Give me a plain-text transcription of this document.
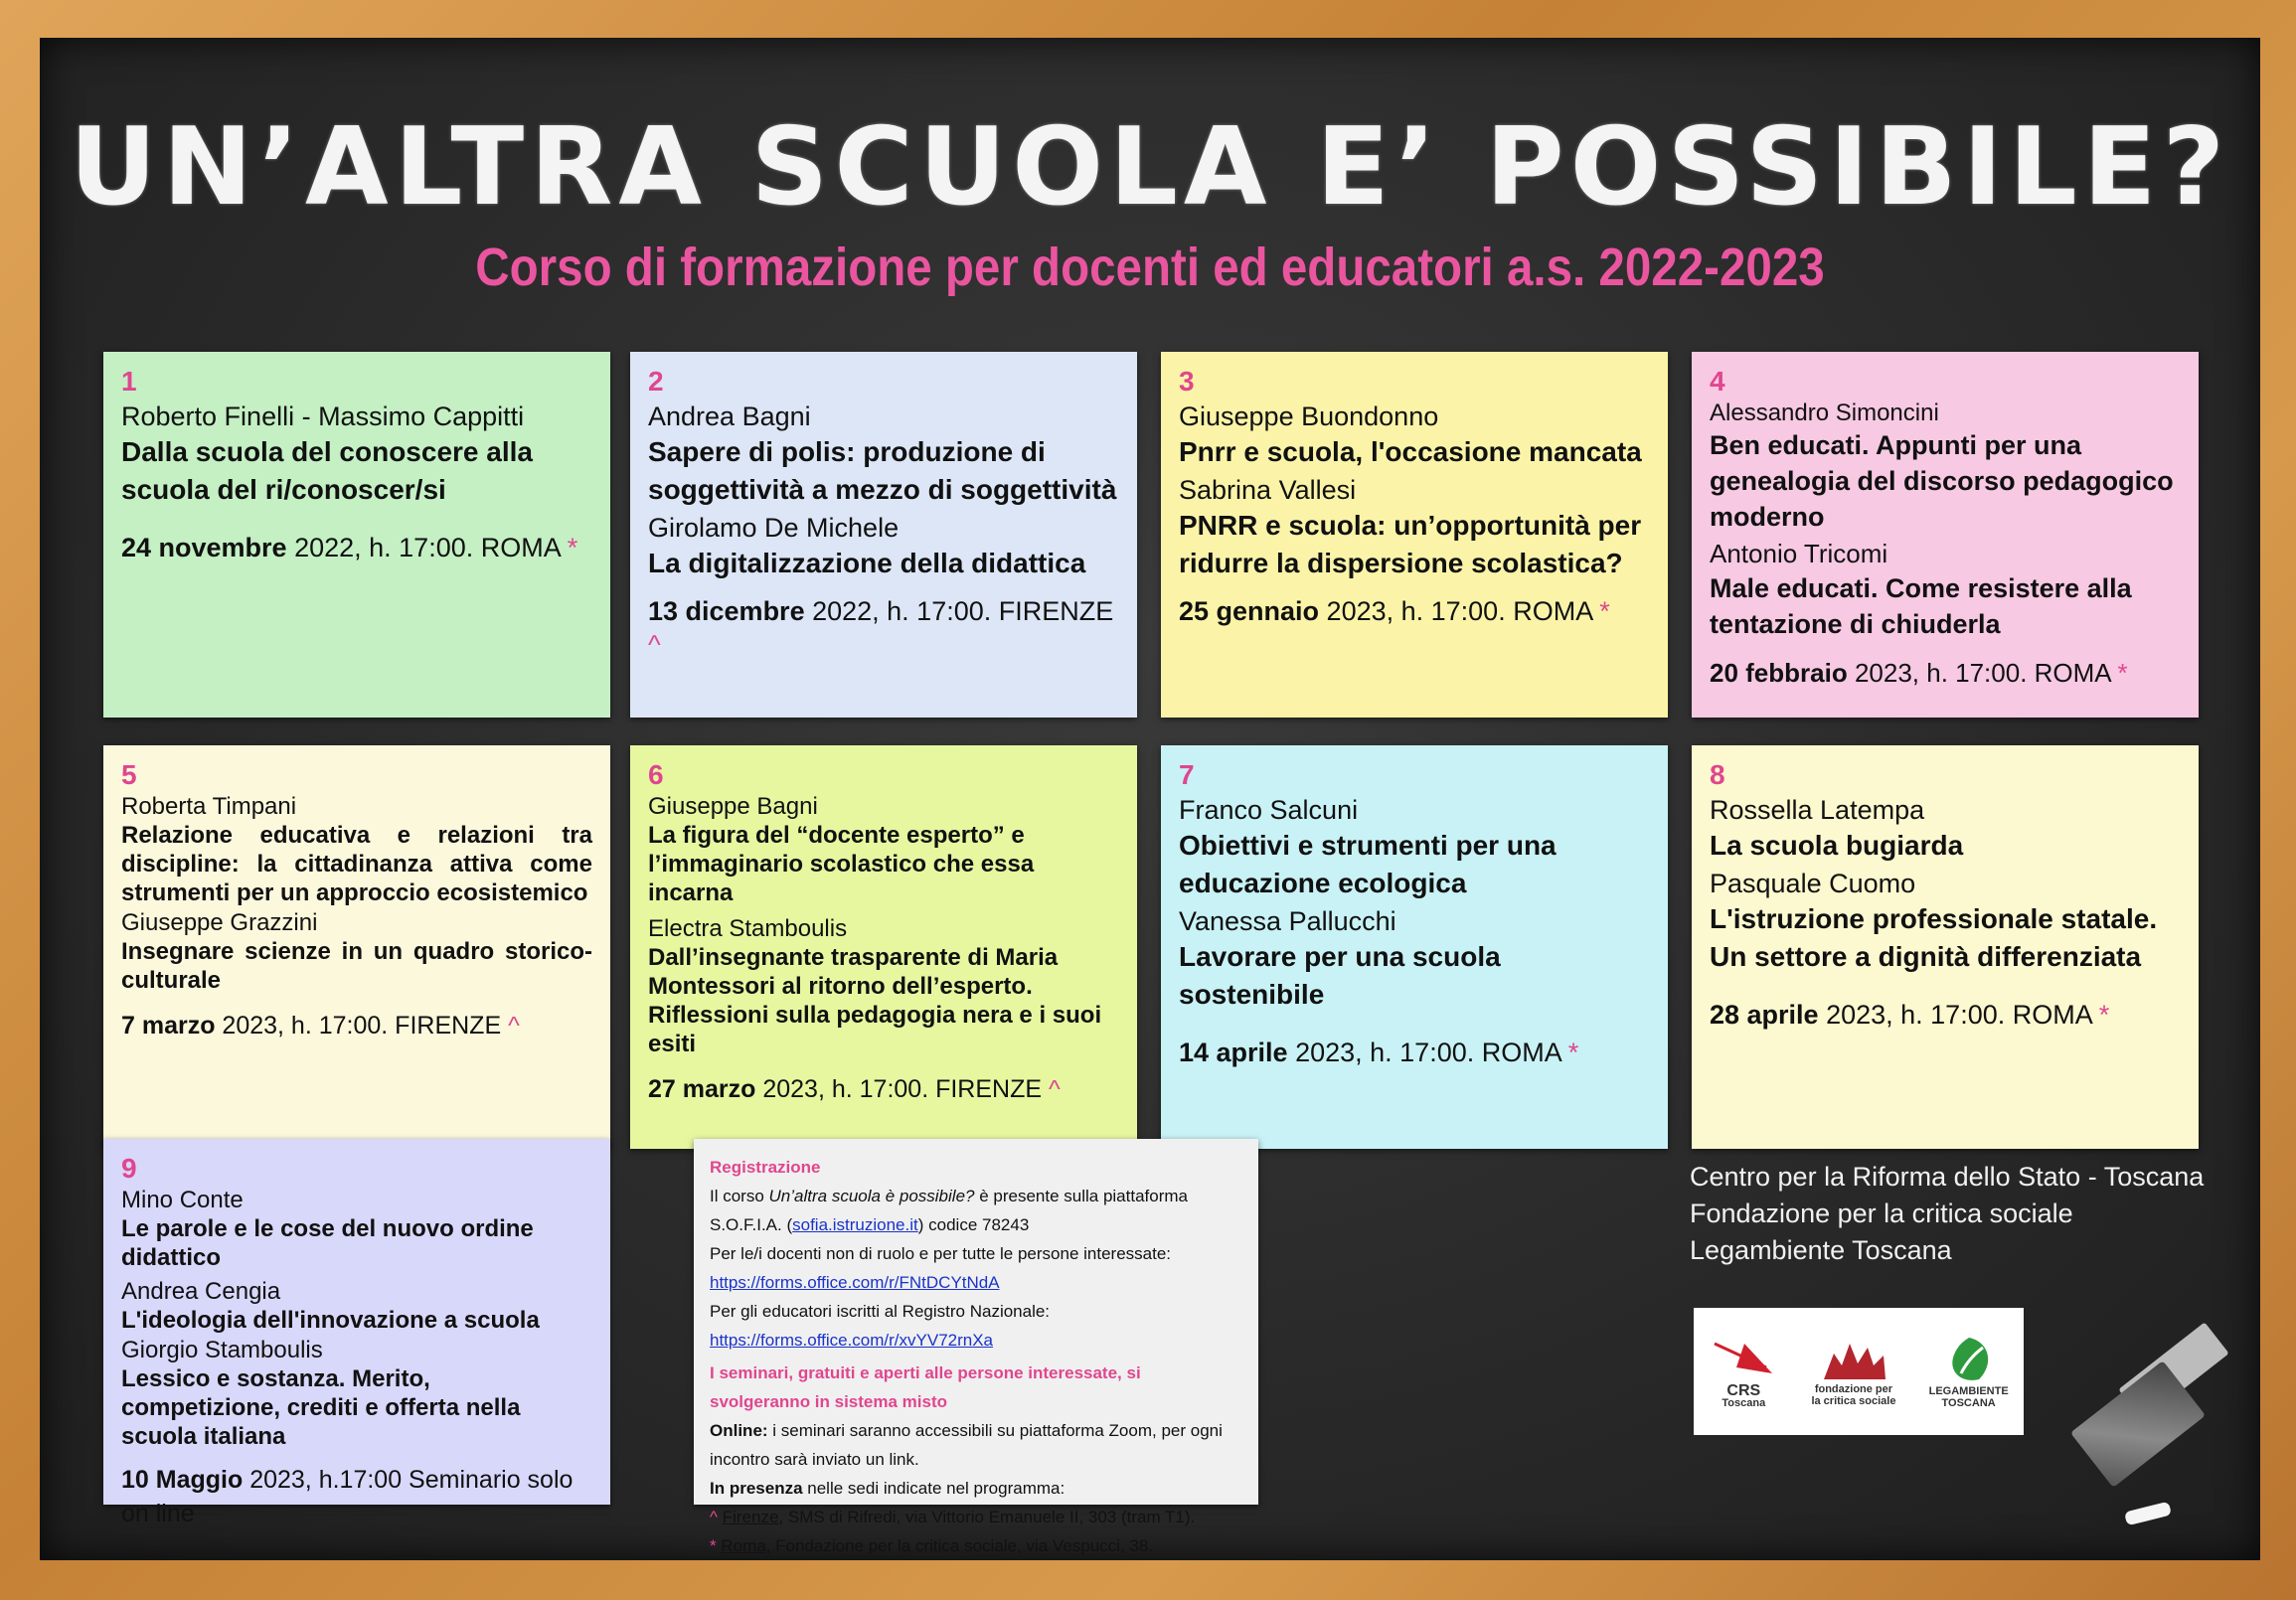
UN’ALTRA SCUOLA E’ POSSIBILE?
Corso di formazione per docenti ed educatori a.s. 2022-2023
1
Roberto Finelli - Massimo Cappitti
Dalla scuola del conoscere alla scuola del ri/conoscer/si
24 novembre 2022, h. 17:00. ROMA *
2
Andrea Bagni
Sapere di polis: produzione di soggettività a mezzo di soggettività
Girolamo De Michele
La digitalizzazione della didattica
13 dicembre 2022, h. 17:00. FIRENZE ^
3
Giuseppe Buondonno
Pnrr e scuola, l'occasione mancata
Sabrina Vallesi
PNRR e scuola: un’opportunità per ridurre la dispersione scolastica?
25 gennaio 2023, h. 17:00. ROMA *
4
Alessandro Simoncini
Ben educati. Appunti per una genealogia del discorso pedagogico moderno
Antonio Tricomi
Male educati. Come resistere alla tentazione di chiuderla
20 febbraio 2023, h. 17:00. ROMA *
5
Roberta Timpani
Relazione educativa e relazioni tra discipline: la cittadinanza attiva come strumenti per un approccio ecosistemico
Giuseppe Grazzini
Insegnare scienze in un quadro storico-culturale
7 marzo 2023, h. 17:00. FIRENZE ^
6
Giuseppe Bagni
La figura del “docente esperto” e l’immaginario scolastico che essa incarna
Electra Stamboulis
Dall’insegnante trasparente di Maria Montessori al ritorno dell’esperto. Riflessioni sulla pedagogia nera e i suoi esiti
27 marzo 2023, h. 17:00. FIRENZE ^
7
Franco Salcuni
Obiettivi e strumenti per una educazione ecologica
Vanessa Pallucchi
Lavorare per una scuola sostenibile
14 aprile 2023, h. 17:00. ROMA *
8
Rossella Latempa
La scuola bugiarda
Pasquale Cuomo
L'istruzione professionale statale. Un settore a dignità differenziata
28 aprile 2023, h. 17:00. ROMA *
9
Mino Conte
Le parole e le cose del nuovo ordine didattico
Andrea Cengia
L'ideologia dell'innovazione a scuola
Giorgio Stamboulis
Lessico e sostanza. Merito, competizione, crediti e offerta nella scuola italiana
10 Maggio 2023, h.17:00 Seminario solo on line
Registrazione
Il corso Un’altra scuola è possibile? è presente sulla piattaforma S.O.F.I.A. (sofia.istruzione.it) codice 78243
Per le/i docenti non di ruolo e per tutte le persone interessate:
https://forms.office.com/r/FNtDCYtNdA
Per gli educatori iscritti al Registro Nazionale:
https://forms.office.com/r/xvYV72rnXa
I seminari, gratuiti e aperti alle persone interessate, si svolgeranno in sistema misto
Online: i seminari saranno accessibili su piattaforma Zoom, per ogni incontro sarà inviato un link.
In presenza nelle sedi indicate nel programma:
^ Firenze, SMS di Rifredi, via Vittorio Emanuele II, 303 (tram T1).
* Roma, Fondazione per la critica sociale, via Vespucci, 38.
Centro per la Riforma dello Stato - Toscana
Fondazione per la critica sociale
Legambiente Toscana
CRS
Toscana
fondazione per la critica sociale
LEGAMBIENTE
TOSCANA
